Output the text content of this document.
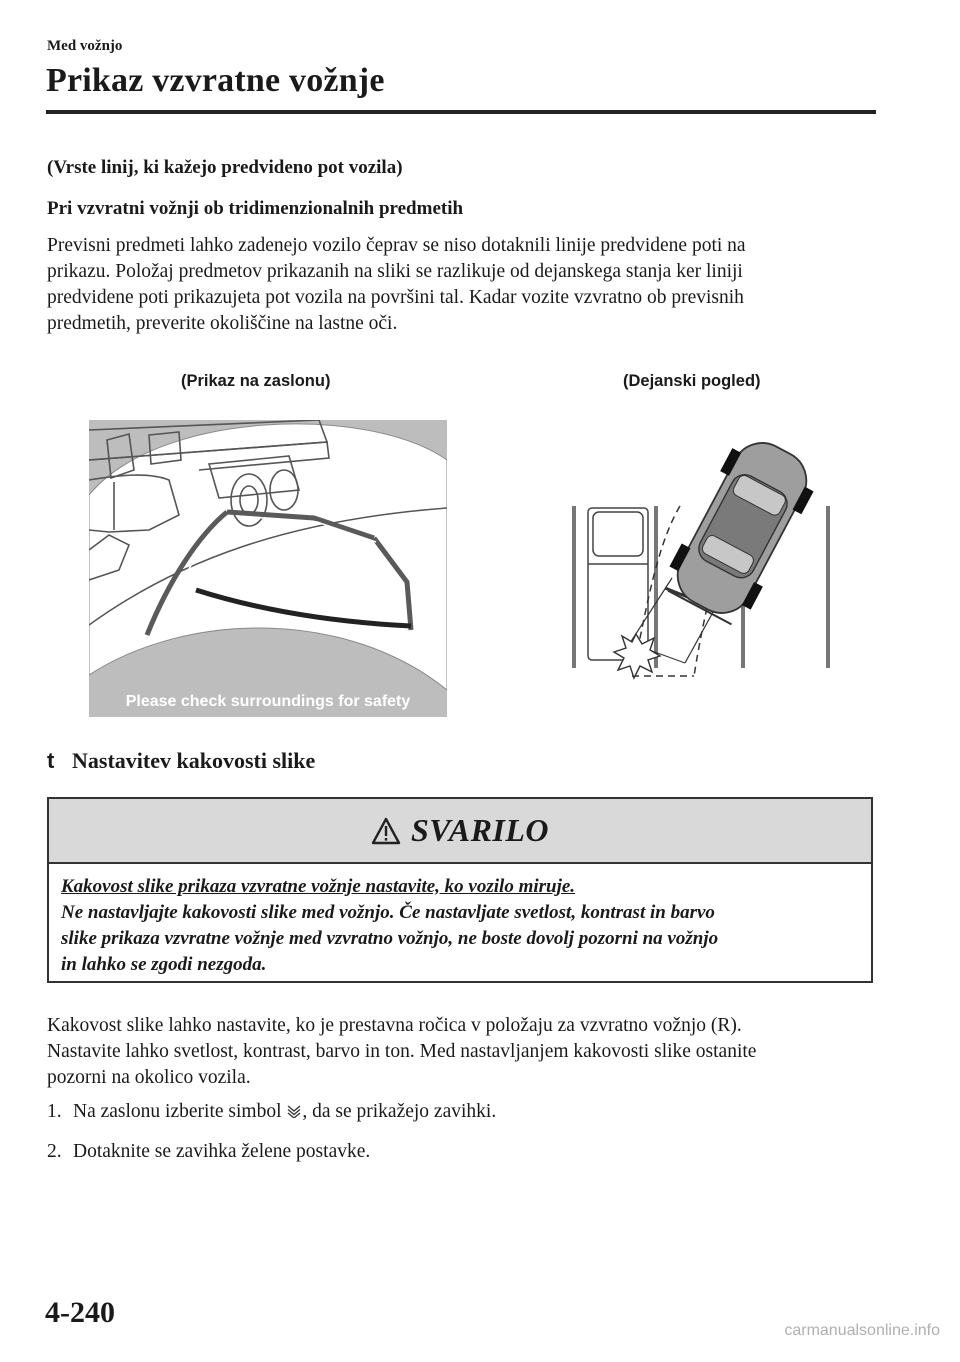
Med vožnjo
Prikaz vzvratne vožnje
(Vrste linij, ki kažejo predvideno pot vozila)
Pri vzvratni vožnji ob tridimenzionalnih predmetih
Previsni predmeti lahko zadenejo vozilo čeprav se niso dotaknili linije predvidene poti na
prikazu. Položaj predmetov prikazanih na sliki se razlikuje od dejanskega stanja ker liniji
predvidene poti prikazujeta pot vozila na površini tal. Kadar vozite vzvratno ob previsnih
predmetih, preverite okoliščine na lastne oči.
(Prikaz na zaslonu)	(Dejanski pogled)
Please check surroundings for safety
t Nastavitev kakovosti slike
SVARILO
Kakovost slike prikaza vzvratne vožnje nastavite, ko vozilo miruje.
Ne nastavljajte kakovosti slike med vožnjo. Če nastavljate svetlost, kontrast in barvo
slike prikaza vzvratne vožnje med vzvratno vožnjo, ne boste dovolj pozorni na vožnjo
in lahko se zgodi nezgoda.
Kakovost slike lahko nastavite, ko je prestavna ročica v položaju za vzvratno vožnjo (R).
Nastavite lahko svetlost, kontrast, barvo in ton. Med nastavljanjem kakovosti slike ostanite
pozorni na okolico vozila.
1. Na zaslonu izberite simbol , da se prikažejo zavihki.
2. Dotaknite se zavihka želene postavke.
4-240
carmanualsonline.info
